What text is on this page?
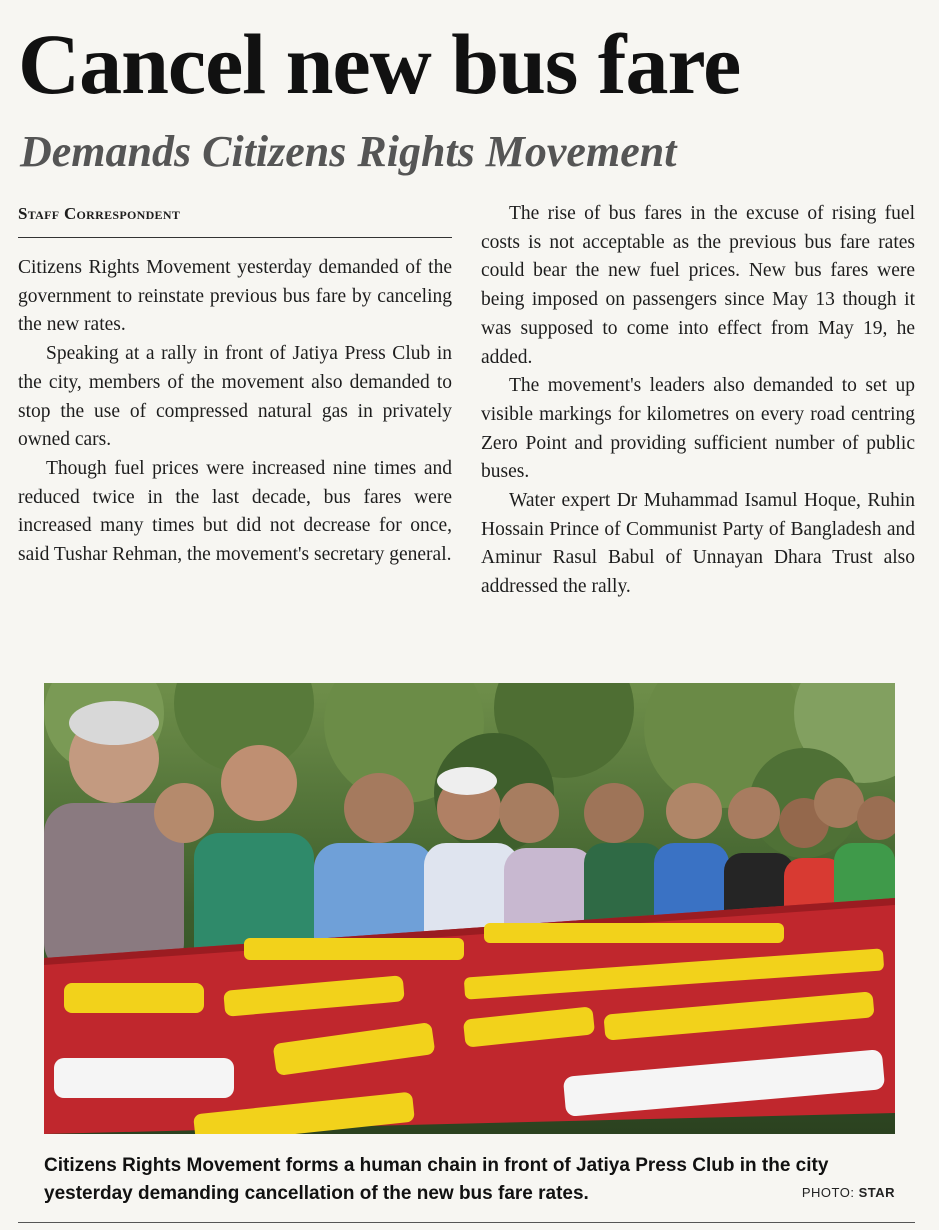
Cancel new bus fare
Demands Citizens Rights Movement
Staff Correspondent

Citizens Rights Movement yesterday demanded of the government to reinstate previous bus fare by canceling the new rates.

Speaking at a rally in front of Jatiya Press Club in the city, members of the movement also demanded to stop the use of compressed natural gas in privately owned cars.

Though fuel prices were increased nine times and reduced twice in the last decade, bus fares were increased many times but did not decrease for once, said Tushar Rehman, the movement's secretary general.

The rise of bus fares in the excuse of rising fuel costs is not acceptable as the previous bus fare rates could bear the new fuel prices. New bus fares were being imposed on passengers since May 13 though it was supposed to come into effect from May 19, he added.

The movement's leaders also demanded to set up visible markings for kilometres on every road centring Zero Point and providing sufficient number of public buses.

Water expert Dr Muhammad Isamul Hoque, Ruhin Hossain Prince of Communist Party of Bangladesh and Aminur Rasul Babul of Unnayan Dhara Trust also addressed the rally.

Citizens Rights Movement forms a human chain in front of Jatiya Press Club in the city yesterday demanding cancellation of the new bus fare rates.	PHOTO: STAR
